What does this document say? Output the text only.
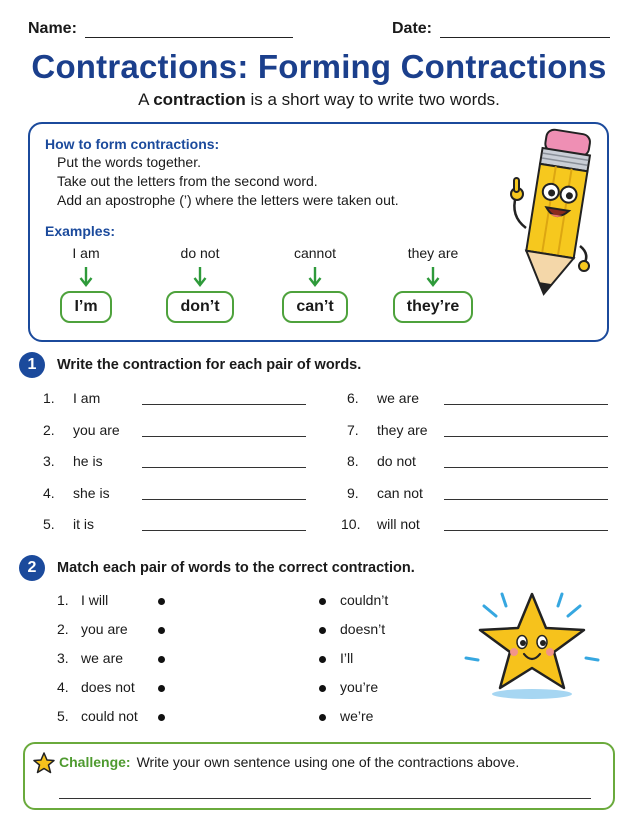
Name:	Date:
Contractions: Forming Contractions
A contraction is a short way to write two words.
How to form contractions:
Put the words together.
Take out the letters from the second word.
Add an apostrophe (’) where the letters were taken out.
Examples:
I am
I’m
do not
don’t
cannot
can’t
they are
they’re
1	Write the contraction for each pair of words.
1.	I am
2.	you are
3.	he is
4.	she is
5.	it is
6.	we are
7.	they are
8.	do not
9.	can not
10.	will not
2	Match each pair of words to the correct contraction.
1. I will
2. you are
3. we are
4. does not
5. could not
couldn’t
doesn’t
I’ll
you’re
we’re
Challenge: Write your own sentence using one of the contractions above.
